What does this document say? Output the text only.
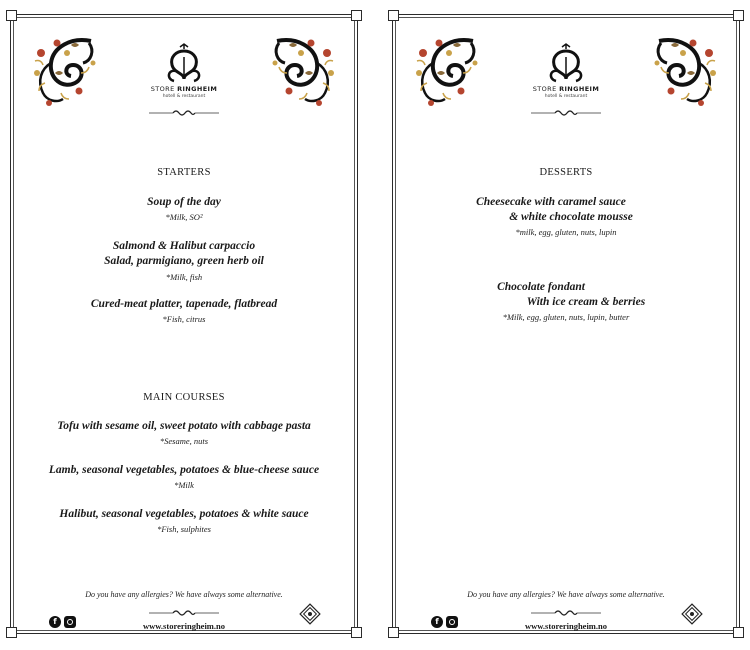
STORE RINGHEIM
hotell & restaurant
STARTERS
Soup of the day
*Milk, SO²
Salmond & Halibut carpaccio
Salad, parmigiano, green herb oil
*Milk, fish
Cured-meat platter, tapenade, flatbread
*Fish, citrus
MAIN COURSES
Tofu with sesame oil, sweet potato with cabbage pasta
*Sesame, nuts
Lamb, seasonal vegetables, potatoes & blue-cheese sauce
*Milk
Halibut, seasonal vegetables, potatoes & white sauce
*Fish, sulphites
Do you have any allergies? We have always some alternative.
f	www.storeringheim.no
STORE RINGHEIM
hotell & restaurant
DESSERTS
Cheesecake with caramel sauce
& white chocolate mousse
*milk, egg, gluten, nuts, lupin
Chocolate fondant
With ice cream & berries
*Milk, egg, gluten, nuts, lupin, butter
Do you have any allergies? We have always some alternative.
f	www.storeringheim.no
